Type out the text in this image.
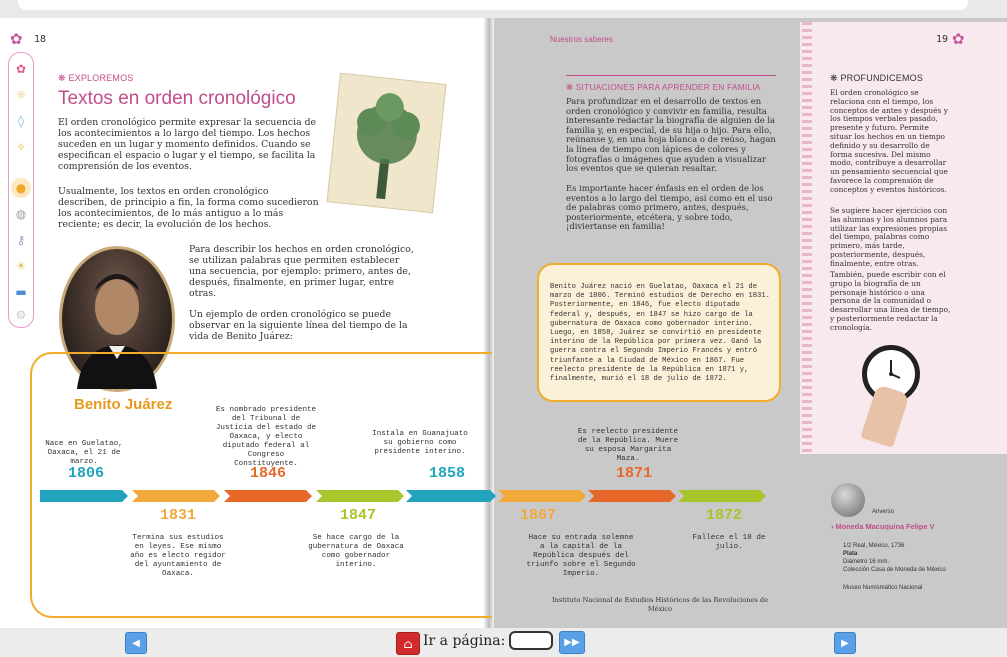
✿ 18
✿
☼
◊
✧
●
◍
⚷
☀
▬
⚙
❋ EXPLOREMOS
Textos en orden cronológico

El orden cronológico permite expresar la secuencia de los acontecimientos a lo largo del tiempo. Los hechos suceden en un lugar y momento definidos. Cuando se especifican el espacio o lugar y el tiempo, se facilita la comprensión de los eventos.

Usualmente, los textos en orden cronológico describen, de principio a fin, la forma como sucedieron los acontecimientos, de lo más antiguo a lo más reciente; es decir, la evolución de los hechos.

Para describir los hechos en orden cronológico, se utilizan palabras que permiten establecer una secuencia, por ejemplo: primero, antes de, después, finalmente, en primer lugar, entre otras.

Un ejemplo de orden cronológico se puede observar en la siguiente línea del tiempo de la vida de Benito Juárez:

Benito Juárez

Nace en Guelatao, Oaxaca, el 21 de marzo.

1806

Es nombrado presidente del Tribunal de Justicia del estado de Oaxaca, y electo diputado federal al Congreso Constituyente.

1846

Instala en Guanajuato su gobierno como presidente interino.

1858
1831

Termina sus estudios en leyes. Ese mismo año es electo regidor del ayuntamiento de Oaxaca.

1847

Se hace cargo de la gubernatura de Oaxaca como gobernador interino.

Nuestros saberes	19 ✿
❋ SITUACIONES PARA APRENDER EN FAMILIA

Para profundizar en el desarrollo de textos en orden cronológico y convivir en familia, resulta interesante redactar la biografía de alguien de la familia y, en especial, de su hija o hijo. Para ello, reúnanse y, en una hoja blanca o de reúso, hagan la línea de tiempo con lápices de colores y fotografías o imágenes que ayuden a visualizar los eventos que se quieran resaltar.

Es importante hacer énfasis en el orden de los eventos a lo largo del tiempo, así como en el uso de palabras como primero, antes, después, posteriormente, etcétera, y sobre todo, ¡diviertanse en familia!

Benito Juárez nació en Guelatao, Oaxaca el 21 de marzo de 1806. Terminó estudios de Derecho en 1831. Posteriormente, en 1846, fue electo diputado federal y, después, en 1847 se hizo cargo de la gubernatura de Oaxaca como gobernador interino. Luego, en 1858, Juárez se convirtió en presidente interino de la República por primera vez. Ganó la guerra contra el Segundo Imperio Francés y entró triunfante a la Ciudad de México en 1867. Fue reelecto presidente de la República en 1871 y, finalmente, murió el 18 de julio de 1872.

Es reelecto presidente de la República. Muere su esposa Margarita Maza.

1871
1867

Hace su entrada solemne a la capital de la República después del triunfo sobre el Segundo Imperio.

1872

Fallece el 18 de julio.

Instituto Nacional de Estudios Históricos de las Revoluciones de México

❋ PROFUNDICEMOS

El orden cronológico se relaciona con el tiempo, los conceptos de antes y después y los tiempos verbales pasado, presente y futuro. Permite situar los hechos en un tiempo definido y su desarrollo de forma sucesiva. Del mismo modo, contribuye a desarrollar un pensamiento secuencial que favorece la comprensión de conceptos y eventos históricos.

Se sugiere hacer ejercicios con las alumnas y los alumnos para utilizar las expresiones propias del tiempo, palabras como primero, más tarde, posteriormente, después, finalmente, entre otras.

También, puede escribir con el grupo la biografía de un personaje histórico o una persona de la comunidad o desarrollar una línea de tiempo, y posteriormente redactar la cronología.

Anverso

› Moneda Macuquina Felipe V

1/2 Real, México, 1736

Plata

Diámetro 16 mm.

Colección Casa de Moneda de México

Museo Numismático Nacional

◀	⌂ Ir a página:	▶▶	▶
